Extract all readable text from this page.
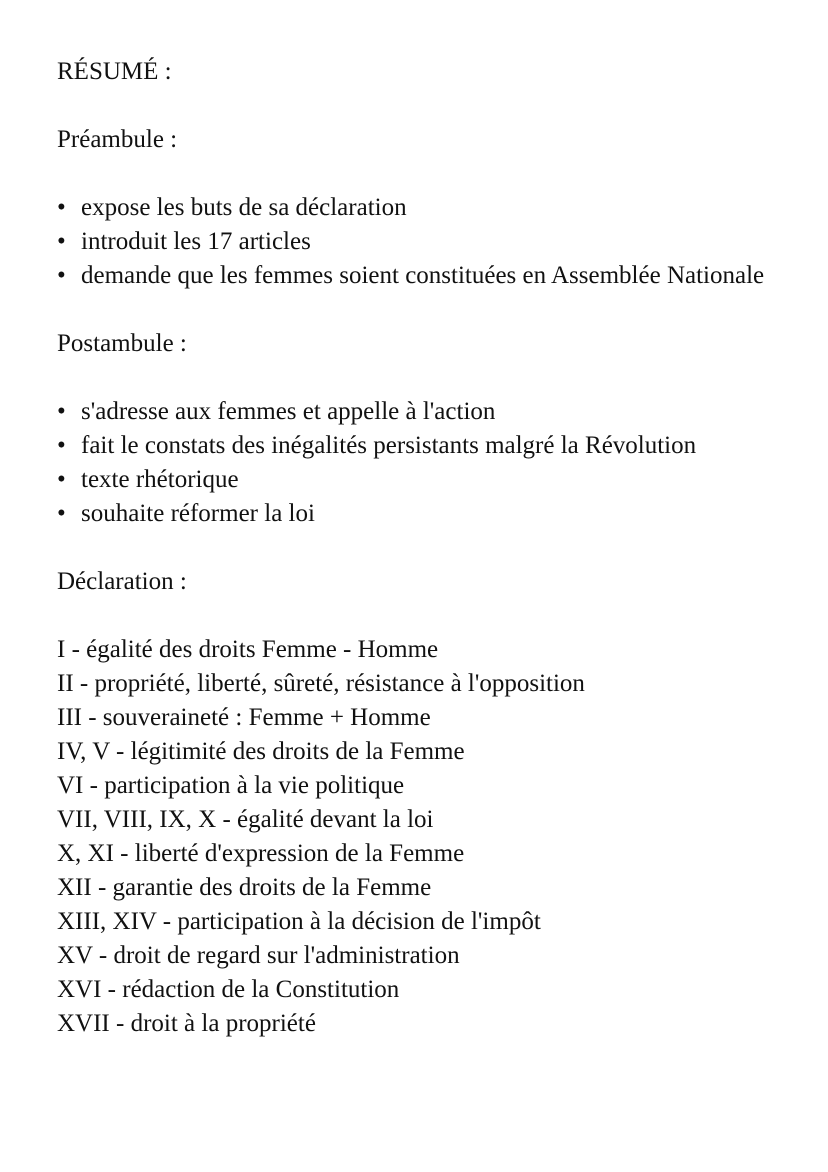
RÉSUMÉ :

Préambule :

• expose les buts de sa déclaration
• introduit les 17 articles
• demande que les femmes soient constituées en Assemblée Nationale

Postambule :

• s'adresse aux femmes et appelle à l'action
• fait le constats des inégalités persistants malgré la Révolution
• texte rhétorique
• souhaite réformer la loi

Déclaration :

I - égalité des droits Femme - Homme

II - propriété, liberté, sûreté, résistance à l'opposition

III - souveraineté : Femme + Homme

IV, V - légitimité des droits de la Femme

VI - participation à la vie politique

VII, VIII, IX, X - égalité devant la loi

X, XI - liberté d'expression de la Femme

XII - garantie des droits de la Femme

XIII, XIV - participation à la décision de l'impôt

XV - droit de regard sur l'administration

XVI - rédaction de la Constitution

XVII - droit à la propriété
